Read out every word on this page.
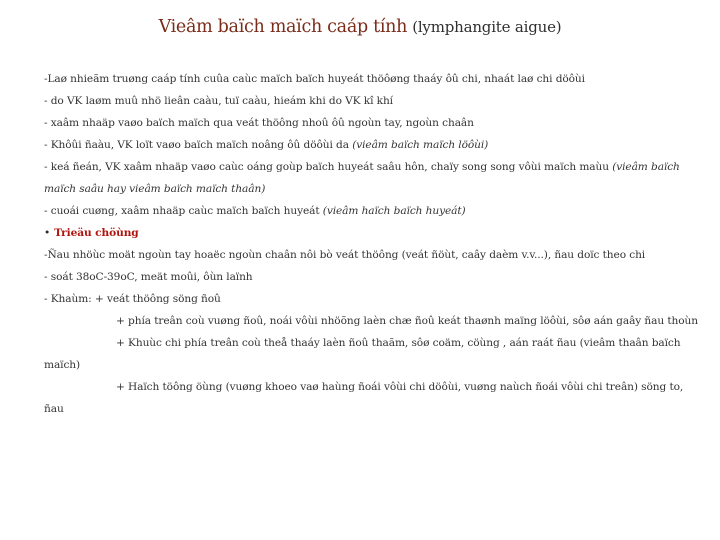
Vieâm baïch maïch caáp tính (lymphangite aigue)
-Laø nhieãm truøng caáp tính cuûa caùc maïch baïch huyeát thöôøng thaáy ôû chi, nhaát laø chi döôùi
- do VK laøm muû nhö lieân caàu, tuï caàu, hieám khi do VK kî khí
- xaâm nhaäp vaøo baïch maïch qua veát thöông nhoû ôû ngoùn tay, ngoùn chaân
- Khôûi ñaàu, VK loït vaøo baïch maïch noâng ôû döôùi da (vieâm baïch maïch löôùi)
- keá ñeán, VK xaâm nhaäp vaøo caùc oáng goùp baïch huyeát saâu hôn, chaïy song song vôùi maïch maùu (vieâm baïch maïch saâu hay vieâm baïch maïch thaân)
- cuoái cuøng, xaâm nhaäp caùc maïch baïch huyeát (vieâm haïch baïch huyeát)
• Trieäu chöùng
-Ñau nhöùc moät ngoùn tay hoaëc ngoùn chaân nôi bò veát thöông (veát ñöùt, caây daèm v.v...), ñau doïc theo chi
- soát 38oC-39oC, meät moûi, ôùn laïnh
- Khaùm: + veát thöông söng ñoû
+ phía treân coù vuøng ñoû, noái vôùi nhöõng laèn chæ ñoû keát thaønh maïng löôùi, sôø aán gaây ñau thoùn
+ Khuùc chi phía treân coù theå thaáy laèn ñoû thaãm, sôø coäm, cöùng , aán raát ñau (vieâm thaân baïch maïch)
+ Haïch töông öùng (vuøng khoeo vaø haùng ñoái vôùi chi döôùi, vuøng naùch ñoái vôùi chi treân) söng to, ñau
